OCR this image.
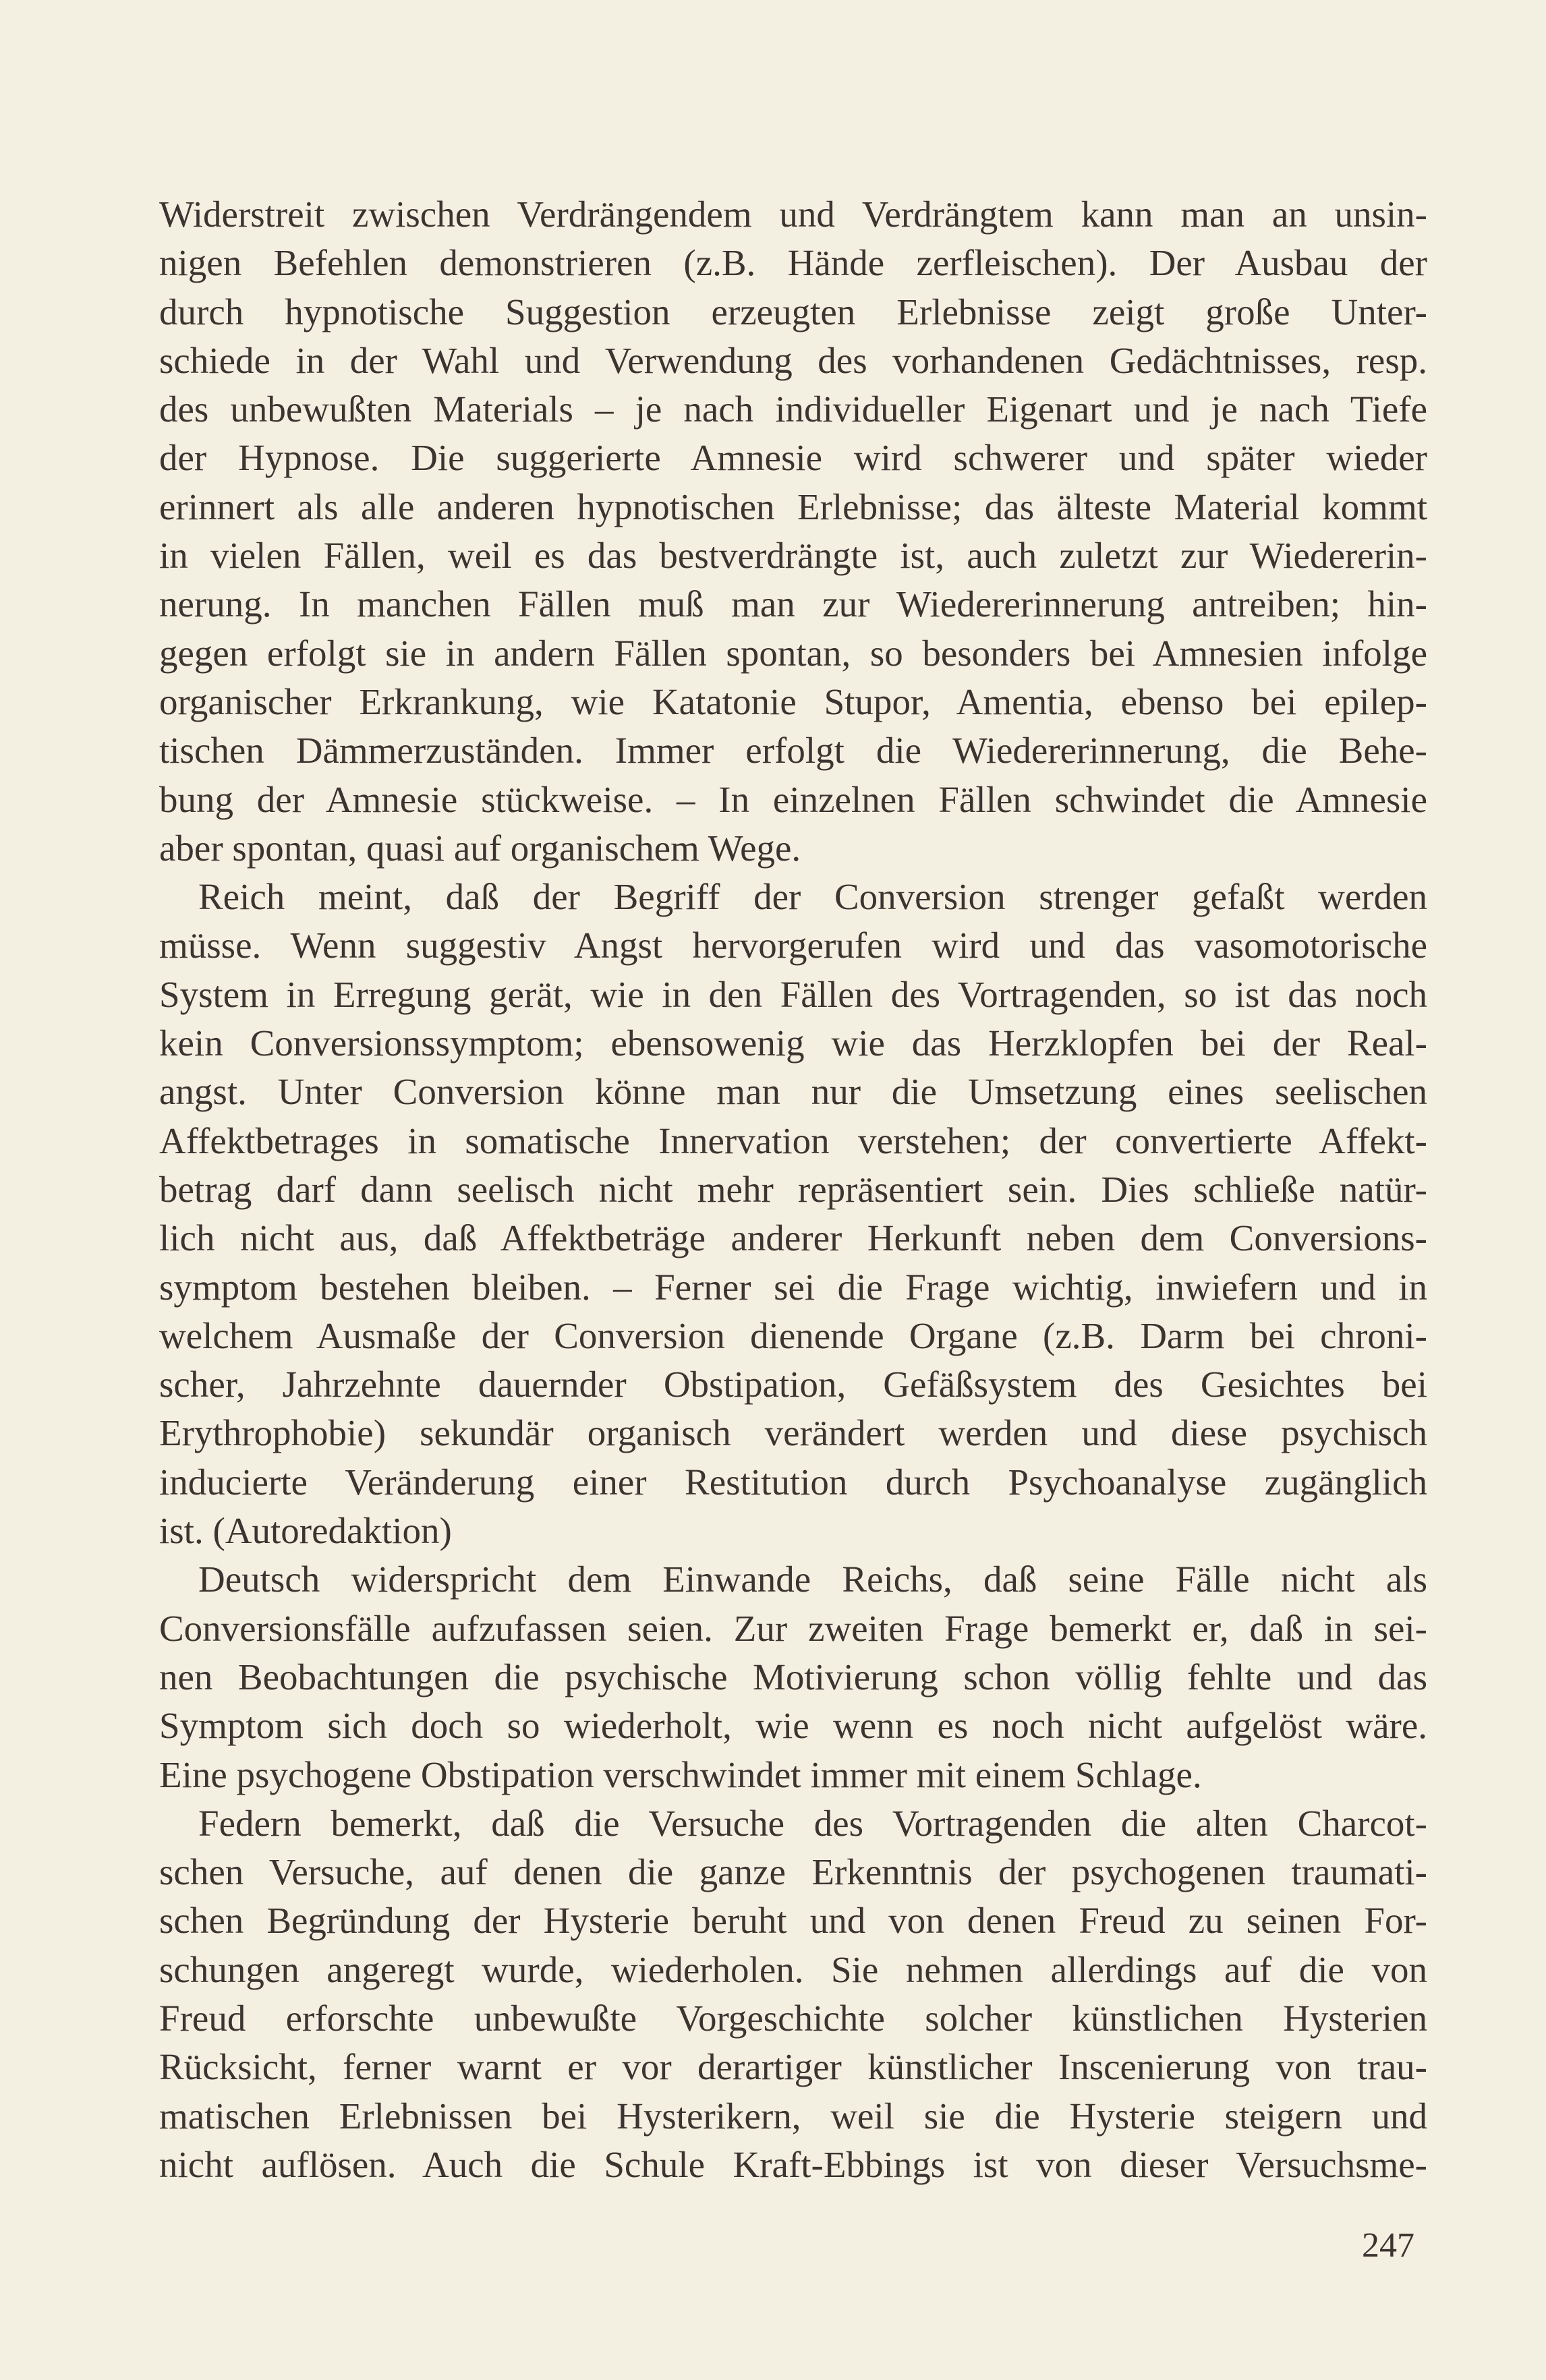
Widerstreit zwischen Verdrängendem und Verdrängtem kann man an unsin-
nigen Befehlen demonstrieren (z.B. Hände zerfleischen). Der Ausbau der
durch hypnotische Suggestion erzeugten Erlebnisse zeigt große Unter-
schiede in der Wahl und Verwendung des vorhandenen Gedächtnisses, resp.
des unbewußten Materials – je nach individueller Eigenart und je nach Tiefe
der Hypnose. Die suggerierte Amnesie wird schwerer und später wieder
erinnert als alle anderen hypnotischen Erlebnisse; das älteste Material kommt
in vielen Fällen, weil es das bestverdrängte ist, auch zuletzt zur Wiedererin-
nerung. In manchen Fällen muß man zur Wiedererinnerung antreiben; hin-
gegen erfolgt sie in andern Fällen spontan, so besonders bei Amnesien infolge
organischer Erkrankung, wie Katatonie Stupor, Amentia, ebenso bei epilep-
tischen Dämmerzuständen. Immer erfolgt die Wiedererinnerung, die Behe-
bung der Amnesie stückweise. – In einzelnen Fällen schwindet die Amnesie
aber spontan, quasi auf organischem Wege.
Reich meint, daß der Begriff der Conversion strenger gefaßt werden
müsse. Wenn suggestiv Angst hervorgerufen wird und das vasomotorische
System in Erregung gerät, wie in den Fällen des Vortragenden, so ist das noch
kein Conversionssymptom; ebensowenig wie das Herzklopfen bei der Real-
angst. Unter Conversion könne man nur die Umsetzung eines seelischen
Affektbetrages in somatische Innervation verstehen; der convertierte Affekt-
betrag darf dann seelisch nicht mehr repräsentiert sein. Dies schließe natür-
lich nicht aus, daß Affektbeträge anderer Herkunft neben dem Conversions-
symptom bestehen bleiben. – Ferner sei die Frage wichtig, inwiefern und in
welchem Ausmaße der Conversion dienende Organe (z.B. Darm bei chroni-
scher, Jahrzehnte dauernder Obstipation, Gefäßsystem des Gesichtes bei
Erythrophobie) sekundär organisch verändert werden und diese psychisch
inducierte Veränderung einer Restitution durch Psychoanalyse zugänglich
ist. (Autoredaktion)
Deutsch widerspricht dem Einwande Reichs, daß seine Fälle nicht als
Conversionsfälle aufzufassen seien. Zur zweiten Frage bemerkt er, daß in sei-
nen Beobachtungen die psychische Motivierung schon völlig fehlte und das
Symptom sich doch so wiederholt, wie wenn es noch nicht aufgelöst wäre.
Eine psychogene Obstipation verschwindet immer mit einem Schlage.
Federn bemerkt, daß die Versuche des Vortragenden die alten Charcot-
schen Versuche, auf denen die ganze Erkenntnis der psychogenen traumati-
schen Begründung der Hysterie beruht und von denen Freud zu seinen For-
schungen angeregt wurde, wiederholen. Sie nehmen allerdings auf die von
Freud erforschte unbewußte Vorgeschichte solcher künstlichen Hysterien
Rücksicht, ferner warnt er vor derartiger künstlicher Inscenierung von trau-
matischen Erlebnissen bei Hysterikern, weil sie die Hysterie steigern und
nicht auflösen. Auch die Schule Kraft-Ebbings ist von dieser Versuchsme-
247
